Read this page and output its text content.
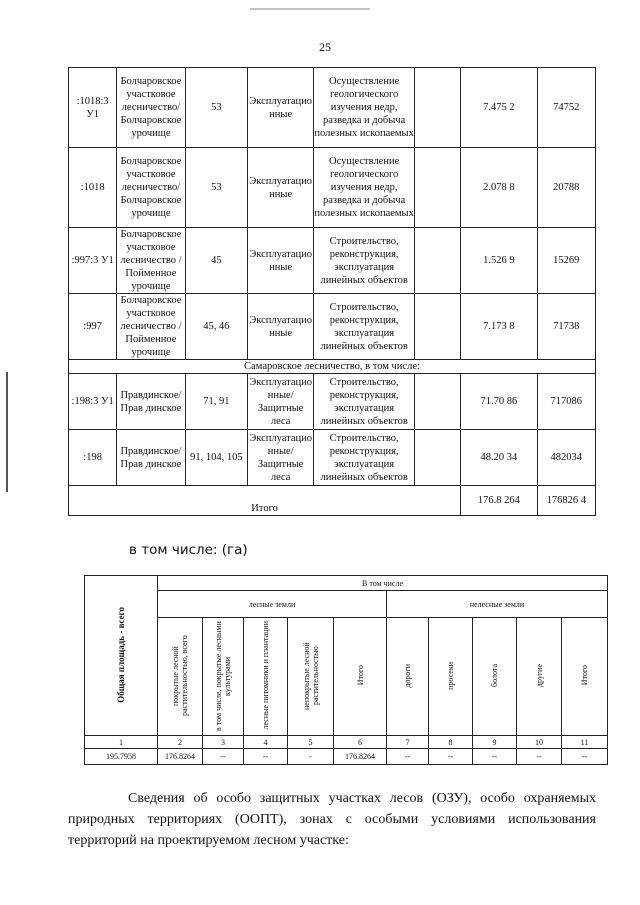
25
:1018:3 У1	Болчаровское участковое лесничество/ Болчаровское урочище	53	Эксплуатацио нные	Осуществление геологического изучения недр, разведка и добыча полезных ископаемых		7.475 2	74752
:1018	Болчаровское участковое лесничество/ Болчаровское урочище	53	Эксплуатацио нные	Осуществление геологического изучения недр, разведка и добыча полезных ископаемых		2.078 8	20788
:997:3 У1	Болчаровское участковое лесничество /Пойменное урочище	45	Эксплуатацио нные	Строительство, реконструкция, эксплуатация линейных объектов		1.526 9	15269
:997	Болчаровское участковое лесничество /Пойменное урочище	45, 46	Эксплуатацио нные	Строительство, реконструкция, эксплуатация линейных объектов		7.173 8	71738
Самаровское лесничество, в том числе:							
:198:3 У1	Правдинское/Прав динское	71, 91	Эксплуатацио нные/ Защитные леса	Строительство, реконструкция, эксплуатация линейных объектов		71.70 86	717086
:198	Правдинское/Прав динское	91, 104, 105	Эксплуатацио нные/ Защитные леса	Строительство, реконструкция, эксплуатация линейных объектов		48.20 34	482034
Итого						176.8 264	176826 4
в том числе: (га)
Общая площадь - всего	В том числе									
	лесные земли					нелесные земли				
	покрытые лесной растительностью, всего	в том числе, покрытые лесными культурами	лесные питомники и плантации	непокрытые лесной растительностью	Итого	дороги	просеки	болота	другие	Итого
1	2	3	4	5	6	7	8	9	10	11
195.7958	176.8264	--	--	-	176.8264	--	--	--	--	--
Сведения об особо защитных участках лесов (ОЗУ), особо охраняемых природных территориях (ООПТ), зонах с особыми условиями использования территорий на проектируемом лесном участке:
